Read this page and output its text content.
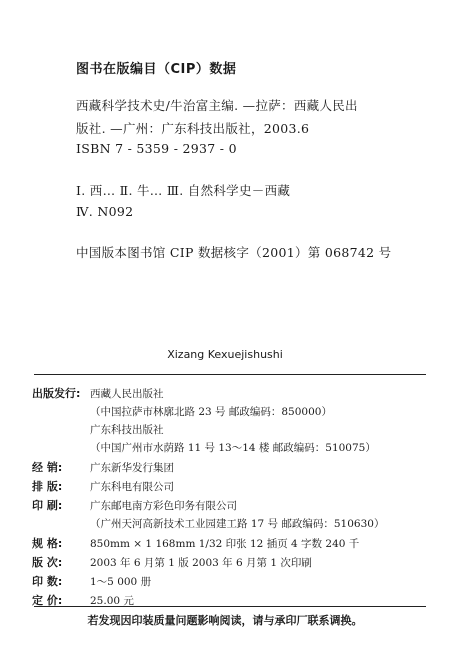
图书在版编目（CIP）数据
西藏科学技术史/牛治富主编. —拉萨：西藏人民出
版社. —广州：广东科技出版社，2003.6
ISBN 7 - 5359 - 2937 - 0
Ⅰ. 西… Ⅱ. 牛… Ⅲ. 自然科学史－西藏
Ⅳ. N092
中国版本图书馆 CIP 数据核字（2001）第 068742 号
Xizang Kexuejishushi
出版发行: 西藏人民出版社
（中国拉萨市林廓北路 23 号 邮政编码：850000）
广东科技出版社
（中国广州市水荫路 11 号 13～14 楼 邮政编码：510075）
经 销:	广东新华发行集团
排 版:	广东科电有限公司
印 刷:	广东邮电南方彩色印务有限公司
（广州天河高新技术工业园建工路 17 号 邮政编码：510630）
规 格:	850mm × 1 168mm 1/32 印张 12 插页 4 字数 240 千
版 次:	2003 年 6 月第 1 版 2003 年 6 月第 1 次印刷
印 数:	1～5 000 册
定 价:	25.00 元
若发现因印装质量问题影响阅读，请与承印厂联系调换。
